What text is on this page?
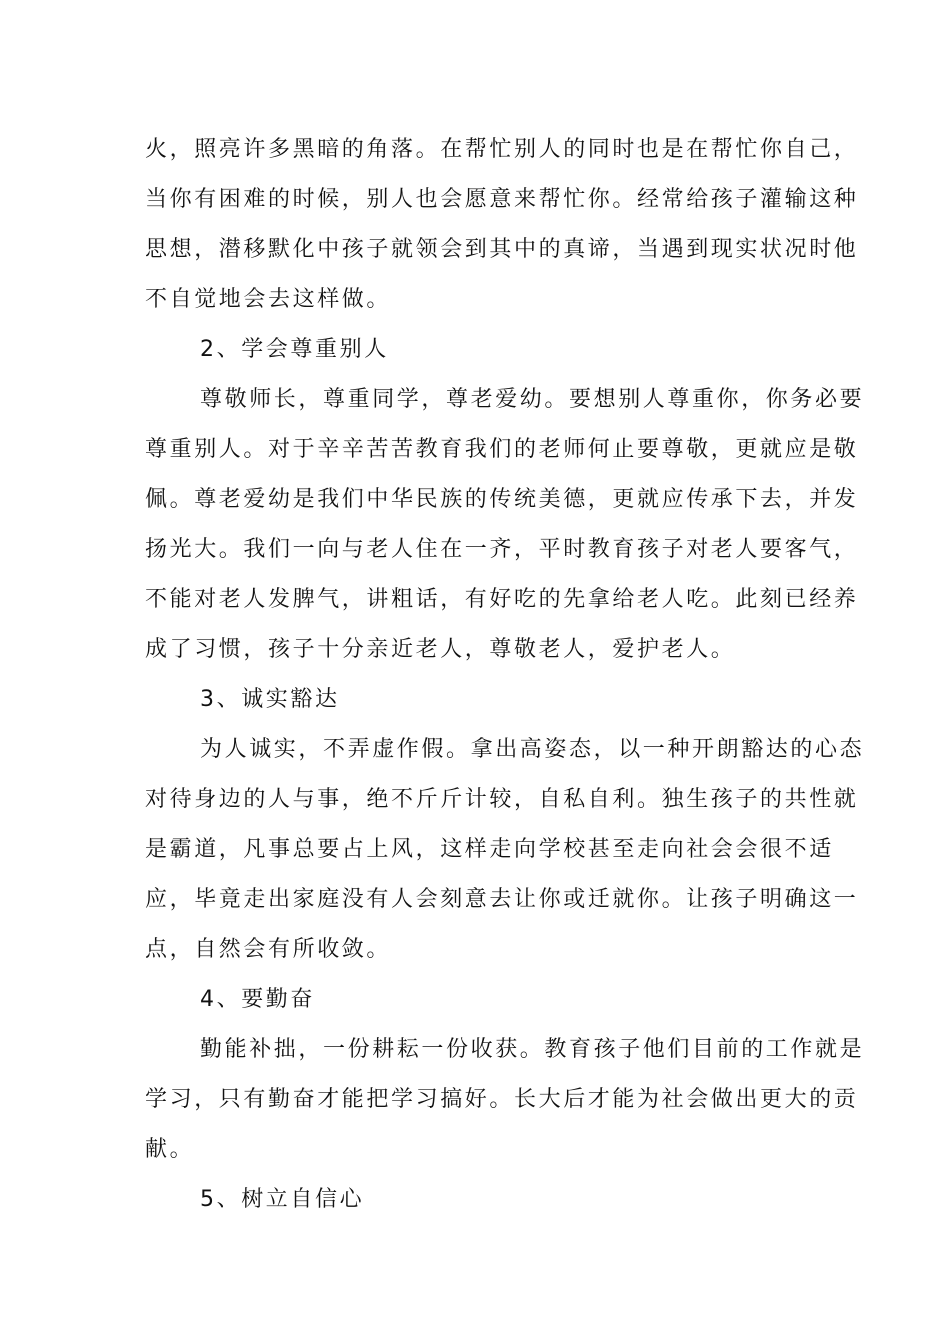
火，照亮许多黑暗的角落。在帮忙别人的同时也是在帮忙你自己，
当你有困难的时候，别人也会愿意来帮忙你。经常给孩子灌输这种
思想，潜移默化中孩子就领会到其中的真谛，当遇到现实状况时他
不自觉地会去这样做。
2、学会尊重别人
尊敬师长，尊重同学，尊老爱幼。要想别人尊重你，你务必要
尊重别人。对于辛辛苦苦教育我们的老师何止要尊敬，更就应是敬
佩。尊老爱幼是我们中华民族的传统美德，更就应传承下去，并发
扬光大。我们一向与老人住在一齐，平时教育孩子对老人要客气，
不能对老人发脾气，讲粗话，有好吃的先拿给老人吃。此刻已经养
成了习惯，孩子十分亲近老人，尊敬老人，爱护老人。
3、诚实豁达
为人诚实，不弄虚作假。拿出高姿态，以一种开朗豁达的心态
对待身边的人与事，绝不斤斤计较，自私自利。独生孩子的共性就
是霸道，凡事总要占上风，这样走向学校甚至走向社会会很不适
应，毕竟走出家庭没有人会刻意去让你或迁就你。让孩子明确这一
点，自然会有所收敛。
4、要勤奋
勤能补拙，一份耕耘一份收获。教育孩子他们目前的工作就是
学习，只有勤奋才能把学习搞好。长大后才能为社会做出更大的贡
献。
5、树立自信心
